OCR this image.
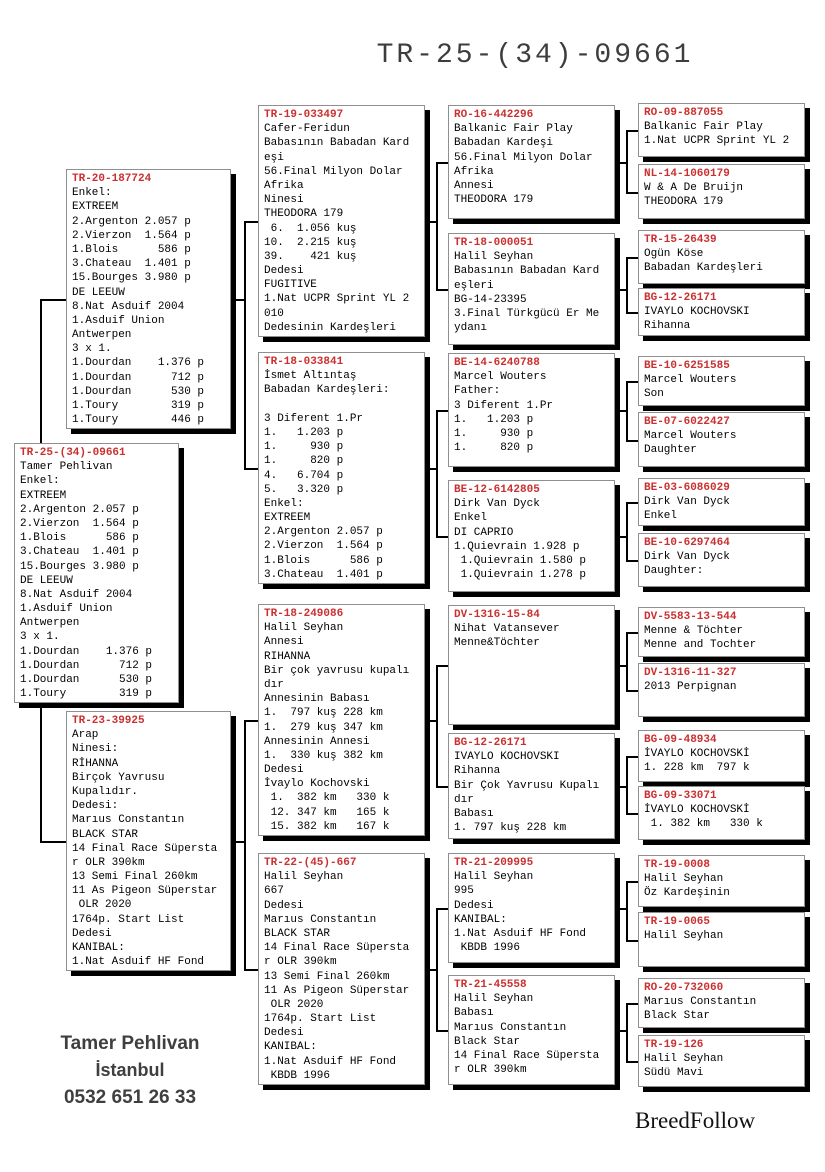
TR-25-(34)-09661
Tamer Pehlivan
İstanbul
0532 651 26 33
BreedFollow
TR-25-(34)-09661
Tamer Pehlivan
Enkel:
EXTREEM
2.Argenton 2.057 p
2.Vierzon  1.564 p
1.Blois      586 p
3.Chateau  1.401 p
15.Bourges 3.980 p
DE LEEUW
8.Nat Asduif 2004
1.Asduif Union
Antwerpen
3 x 1.
1.Dourdan    1.376 p
1.Dourdan      712 p
1.Dourdan      530 p
1.Toury        319 p
TR-20-187724
Enkel:
EXTREEM
2.Argenton 2.057 p
2.Vierzon  1.564 p
1.Blois      586 p
3.Chateau  1.401 p
15.Bourges 3.980 p
DE LEEUW
8.Nat Asduif 2004
1.Asduif Union
Antwerpen
3 x 1.
1.Dourdan    1.376 p
1.Dourdan      712 p
1.Dourdan      530 p
1.Toury        319 p
1.Toury        446 p
TR-23-39925
Arap
Ninesi:
RİHANNA
Birçok Yavrusu
Kupalıdır.
Dedesi:
Marıus Constantın
BLACK STAR
14 Final Race Süpersta
r OLR 390km
13 Semi Final 260km
11 As Pigeon Süperstar
OLR 2020
1764p. Start List
Dedesi
KANIBAL:
1.Nat Asduif HF Fond
TR-19-033497
Cafer-Feridun
Babasının Babadan Kard
eşi
56.Final Milyon Dolar
Afrika
Ninesi
THEODORA 179
6.  1.056 kuş
10.  2.215 kuş
39.    421 kuş
Dedesi
FUGITIVE
1.Nat UCPR Sprint YL 2
010
Dedesinin Kardeşleri
TR-18-033841
İsmet Altıntaş
Babadan Kardeşleri:
3 Diferent 1.Pr
1.   1.203 p
1.     930 p
1.     820 p
4.   6.704 p
5.   3.320 p
Enkel:
EXTREEM
2.Argenton 2.057 p
2.Vierzon  1.564 p
1.Blois      586 p
3.Chateau  1.401 p
TR-18-249086
Halil Seyhan
Annesi
RIHANNA
Bir çok yavrusu kupalı
dır
Annesinin Babası
1.  797 kuş 228 km
1.  279 kuş 347 km
Annesinin Annesi
1.  330 kuş 382 km
Dedesi
İvaylo Kochovski
1.  382 km   330 k
12. 347 km   165 k
15. 382 km   167 k
TR-22-(45)-667
Halil Seyhan
667
Dedesi
Marıus Constantın
BLACK STAR
14 Final Race Süpersta
r OLR 390km
13 Semi Final 260km
11 As Pigeon Süperstar
OLR 2020
1764p. Start List
Dedesi
KANIBAL:
1.Nat Asduif HF Fond
KBDB 1996
RO-16-442296
Balkanic Fair Play
Babadan Kardeşi
56.Final Milyon Dolar
Afrika
Annesi
THEODORA 179
TR-18-000051
Halil Seyhan
Babasının Babadan Kard
eşleri
BG-14-23395
3.Final Türkgücü Er Me
ydanı
BE-14-6240788
Marcel Wouters
Father:
3 Diferent 1.Pr
1.   1.203 p
1.     930 p
1.     820 p
BE-12-6142805
Dirk Van Dyck
Enkel
DI CAPRIO
1.Quievrain 1.928 p
1.Quievrain 1.580 p
1.Quievrain 1.278 p
DV-1316-15-84
Nihat Vatansever
Menne&Töchter
BG-12-26171
IVAYLO KOCHOVSKI
Rihanna
Bir Çok Yavrusu Kupalı
dır
Babası
1. 797 kuş 228 km
TR-21-209995
Halil Seyhan
995
Dedesi
KANIBAL:
1.Nat Asduif HF Fond
KBDB 1996
TR-21-45558
Halil Seyhan
Babası
Marıus Constantın
Black Star
14 Final Race Süpersta
r OLR 390km
RO-09-887055
Balkanic Fair Play
1.Nat UCPR Sprint YL 2
NL-14-1060179
W & A De Bruijn
THEODORA 179
TR-15-26439
Ogün Köse
Babadan Kardeşleri
BG-12-26171
IVAYLO KOCHOVSKI
Rihanna
BE-10-6251585
Marcel Wouters
Son
BE-07-6022427
Marcel Wouters
Daughter
BE-03-6086029
Dirk Van Dyck
Enkel
BE-10-6297464
Dirk Van Dyck
Daughter:
DV-5583-13-544
Menne & Töchter
Menne and Tochter
DV-1316-11-327
2013 Perpignan
BG-09-48934
İVAYLO KOCHOVSKİ
1. 228 km  797 k
BG-09-33071
İVAYLO KOCHOVSKİ
1. 382 km   330 k
TR-19-0008
Halil Seyhan
Öz Kardeşinin
TR-19-0065
Halil Seyhan
RO-20-732060
Marıus Constantın
Black Star
TR-19-126
Halil Seyhan
Südü Mavi
